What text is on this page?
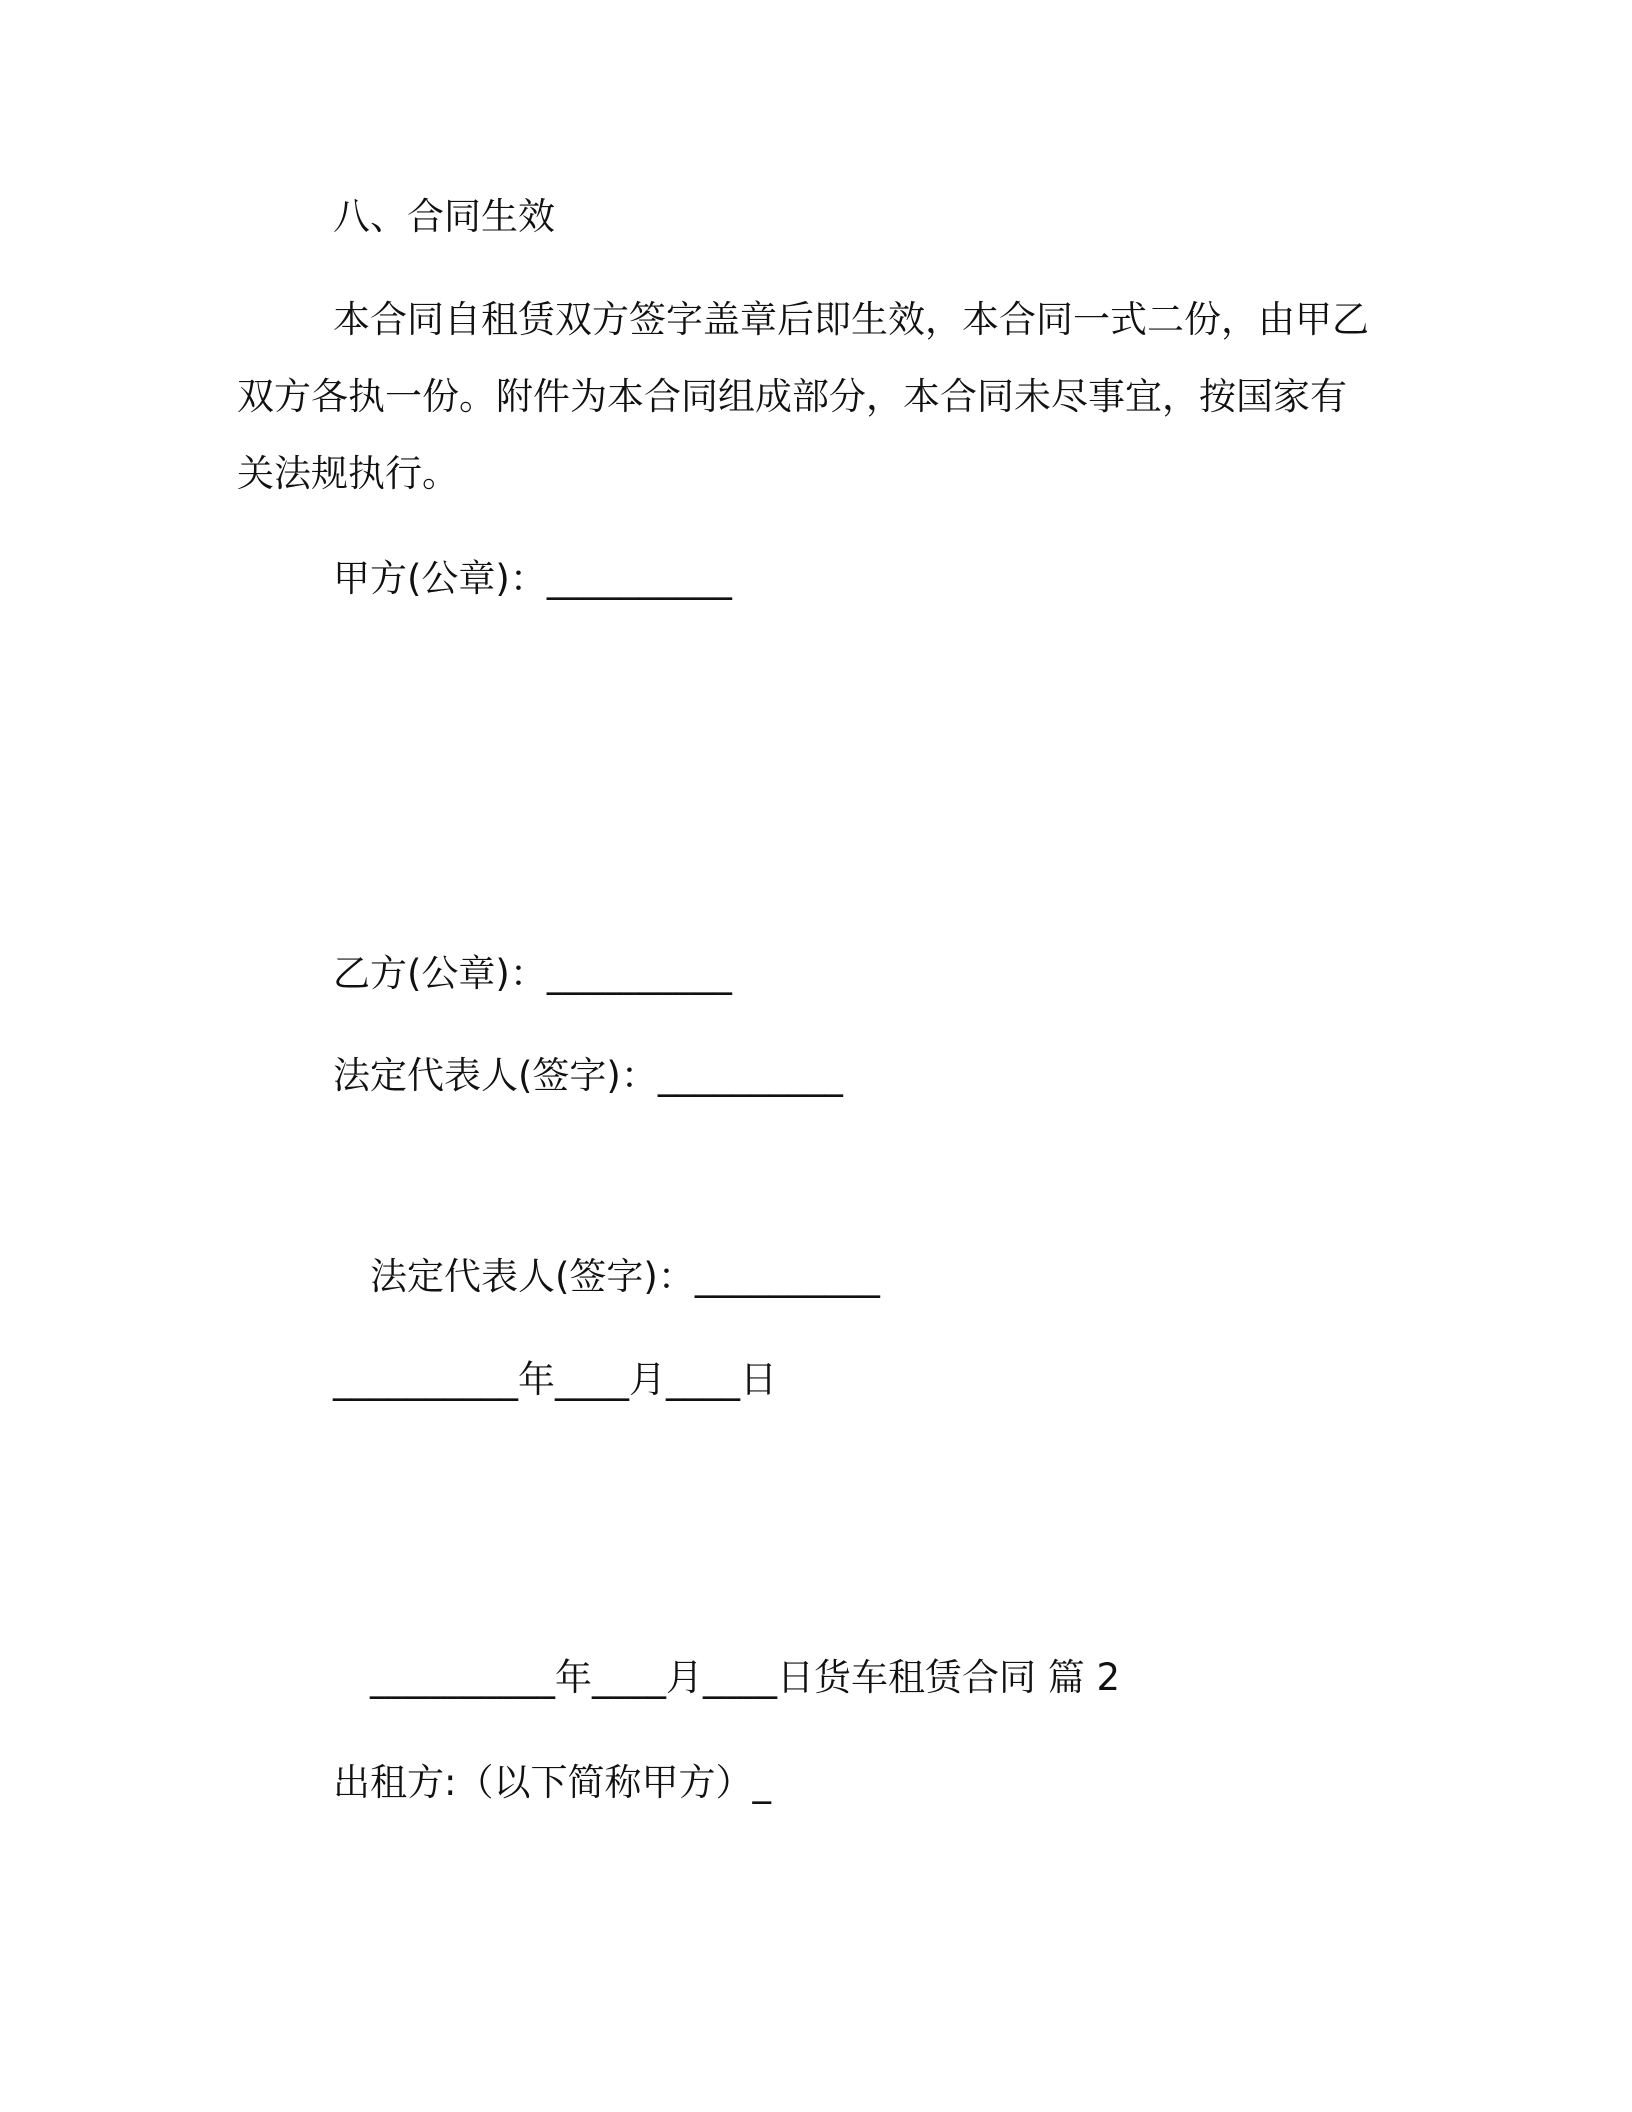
八、合同生效
本合同自租赁双方签字盖章后即生效，本合同一式二份，由甲乙
双方各执一份。附件为本合同组成部分，本合同未尽事宜，按国家有
关法规执行。
甲方(公章)：__________
乙方(公章)：__________
法定代表人(签字)：__________
法定代表人(签字)：__________
__________年____月____日
__________年____月____日货车租赁合同 篇 2
出租方:（以下简称甲方）_
